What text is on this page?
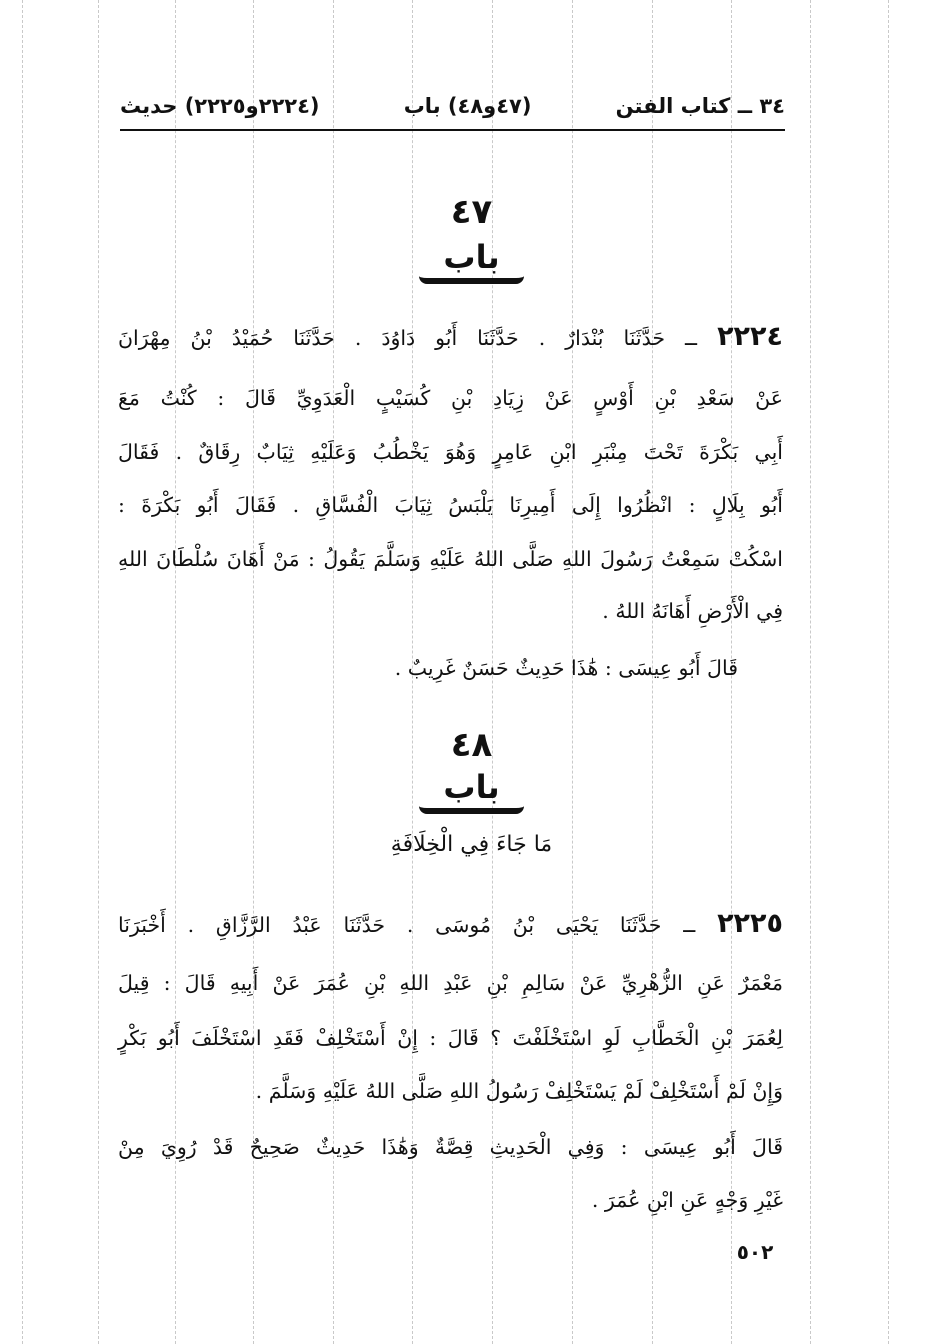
٣٤ ــ كتاب الفتن
(٤٧و٤٨) باب
(٢٢٢٤و٢٢٢٥) حديث
٤٧
باب
٢٢٢٤ ــ حَدَّثَنَا بُنْدَارٌ . حَدَّثَنَا أَبُو دَاوُدَ . حَدَّثَنَا حُمَيْدُ بْنُ مِهْرَانَ
عَنْ سَعْدِ بْنِ أَوْسٍ عَنْ زِيَادِ بْنِ كُسَيْبٍ الْعَدَوِيِّ قَالَ : كُنْتُ مَعَ
أَبِي بَكْرَةَ تَحْتَ مِنْبَرِ ابْنِ عَامِرٍ وَهُوَ يَخْطُبُ وَعَلَيْهِ ثِيَابٌ رِقَاقٌ . فَقَالَ
أَبُو بِلَالٍ : انْظُرُوا إِلَى أَمِيرِنَا يَلْبَسُ ثِيَابَ الْفُسَّاقِ . فَقَالَ أَبُو بَكْرَةَ :
اسْكُتْ سَمِعْتُ رَسُولَ اللهِ صَلَّى اللهُ عَلَيْهِ وَسَلَّمَ يَقُولُ : مَنْ أَهَانَ سُلْطَانَ اللهِ
فِي الْأَرْضِ أَهَانَهُ اللهُ .
قَالَ أَبُو عِيسَى : هَٰذَا حَدِيثٌ حَسَنٌ غَرِيبٌ .
٤٨
باب
مَا جَاءَ فِي الْخِلَافَةِ
٢٢٢٥ ــ حَدَّثَنَا يَحْيَى بْنُ مُوسَى . حَدَّثَنَا عَبْدُ الرَّزَّاقِ . أَخْبَرَنَا
مَعْمَرٌ عَنِ الزُّهْرِيِّ عَنْ سَالِمِ بْنِ عَبْدِ اللهِ بْنِ عُمَرَ عَنْ أَبِيهِ قَالَ : قِيلَ
لِعُمَرَ بْنِ الْخَطَّابِ لَوِ اسْتَخْلَفْتَ ؟ قَالَ : إِنْ أَسْتَخْلِفْ فَقَدِ اسْتَخْلَفَ أَبُو بَكْرٍ
وَإِنْ لَمْ أَسْتَخْلِفْ لَمْ يَسْتَخْلِفْ رَسُولُ اللهِ صَلَّى اللهُ عَلَيْهِ وَسَلَّمَ .
قَالَ أَبُو عِيسَى : وَفِي الْحَدِيثِ قِصَّةٌ وَهَٰذَا حَدِيثٌ صَحِيحٌ قَدْ رُوِيَ مِنْ
غَيْرِ وَجْهٍ عَنِ ابْنِ عُمَرَ .
٥٠٢
